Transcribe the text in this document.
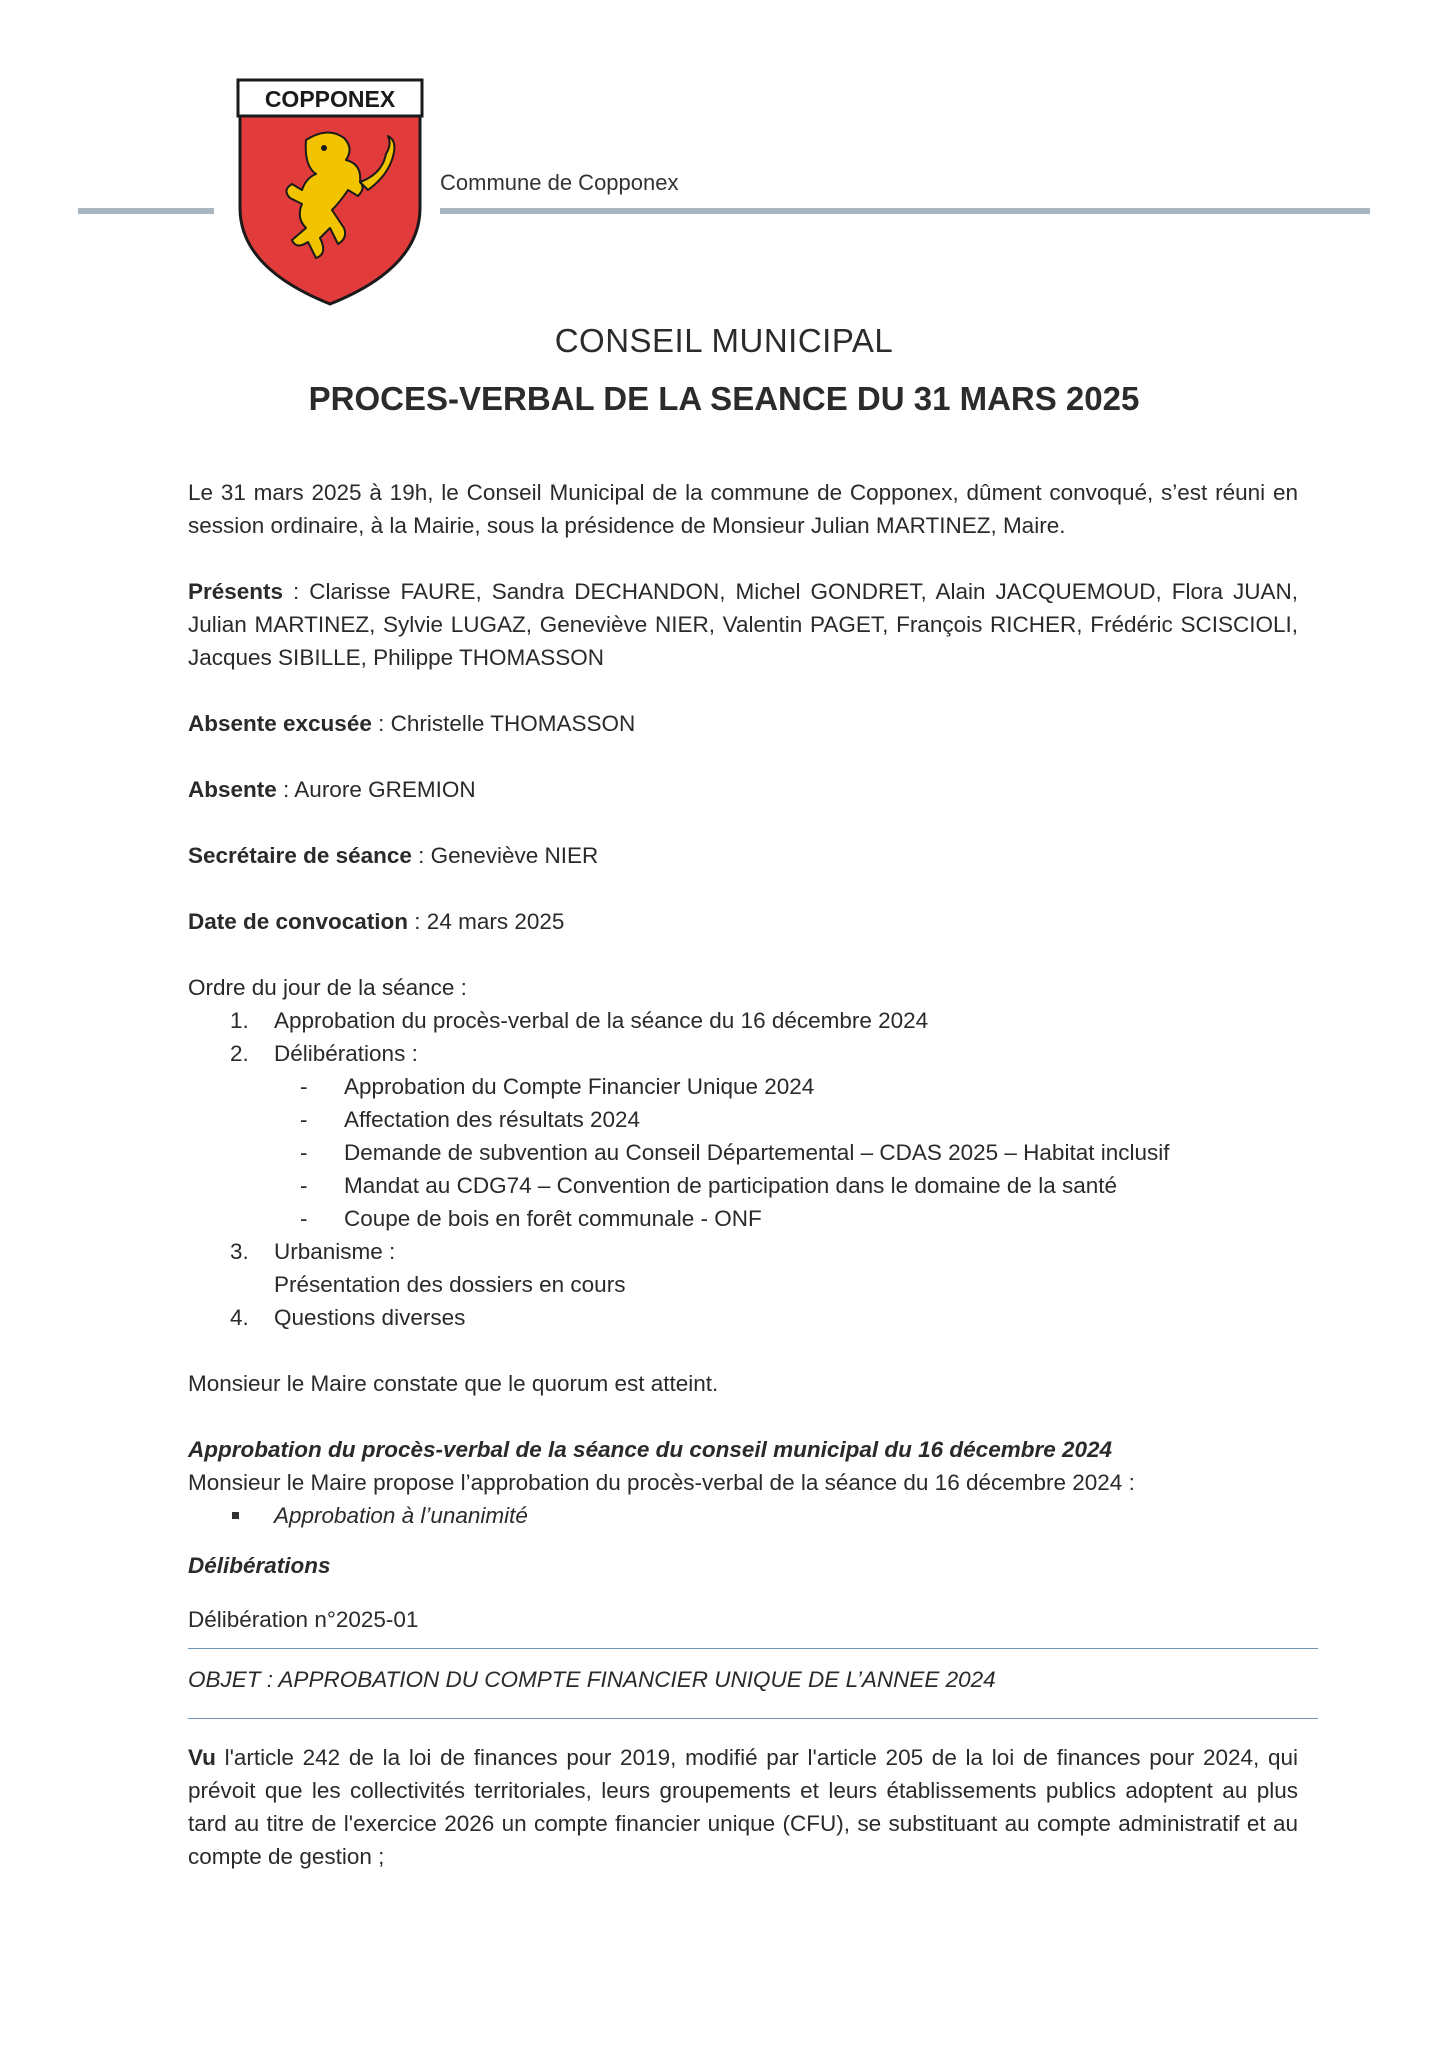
COPPONEX
Commune de Copponex
CONSEIL MUNICIPAL
PROCES-VERBAL DE LA SEANCE DU 31 MARS 2025

Le 31 mars 2025 à 19h, le Conseil Municipal de la commune de Copponex, dûment convoqué, s’est réuni en session ordinaire, à la Mairie, sous la présidence de Monsieur Julian MARTINEZ, Maire.

Présents : Clarisse FAURE, Sandra DECHANDON, Michel GONDRET, Alain JACQUEMOUD, Flora JUAN, Julian MARTINEZ, Sylvie LUGAZ, Geneviève NIER, Valentin PAGET, François RICHER, Frédéric SCISCIOLI, Jacques SIBILLE, Philippe THOMASSON

Absente excusée : Christelle THOMASSON

Absente : Aurore GREMION

Secrétaire de séance : Geneviève NIER

Date de convocation : 24 mars 2025

Ordre du jour de la séance :
1. Approbation du procès-verbal de la séance du 16 décembre 2024
2. Délibérations :
- Approbation du Compte Financier Unique 2024
- Affectation des résultats 2024
- Demande de subvention au Conseil Départemental – CDAS 2025 – Habitat inclusif
- Mandat au CDG74 – Convention de participation dans le domaine de la santé
- Coupe de bois en forêt communale - ONF
3. Urbanisme :
Présentation des dossiers en cours
4. Questions diverses

Monsieur le Maire constate que le quorum est atteint.

Approbation du procès-verbal de la séance du conseil municipal du 16 décembre 2024
Monsieur le Maire propose l’approbation du procès-verbal de la séance du 16 décembre 2024 :
Approbation à l’unanimité
Délibérations
Délibération n°2025-01
OBJET : APPROBATION DU COMPTE FINANCIER UNIQUE DE L’ANNEE 2024

Vu l'article 242 de la loi de finances pour 2019, modifié par l'article 205 de la loi de finances pour 2024, qui prévoit que les collectivités territoriales, leurs groupements et leurs établissements publics adoptent au plus tard au titre de l'exercice 2026 un compte financier unique (CFU), se substituant au compte administratif et au compte de gestion ;
